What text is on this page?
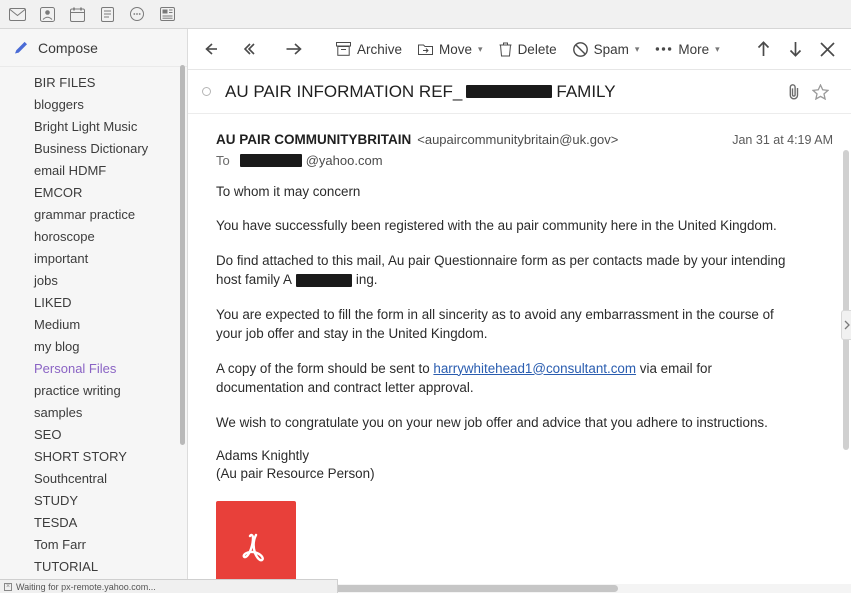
Compose
BIR FILES
bloggers
Bright Light Music
Business Dictionary
email HDMF
EMCOR
grammar practice
horoscope
important
jobs
LIKED
Medium
my blog
Personal Files
practice writing
samples
SEO
SHORT STORY
Southcentral
STUDY
TESDA
Tom Farr
TUTORIAL
Archive	Move ▾	Delete	Spam ▾	More ▾
AU PAIR INFORMATION REF_	FAMILY
AU PAIR COMMUNITYBRITAIN <aupaircommunitybritain@uk.gov>	Jan 31 at 4:19 AM
To	@yahoo.com

To whom it may concern

You have successfully been registered with the au pair community here in the United Kingdom.

Do find attached to this mail, Au pair Questionnaire form as per contacts made by your intending host family A	ing.

You are expected to fill the form in all sincerity as to avoid any embarrassment in the course of your job offer and stay in the United Kingdom.

A copy of the form should be sent to harrywhitehead1@consultant.com via email for documentation and contract letter approval.

We wish to congratulate you on your new job offer and advice that you adhere to instructions.

Adams Knightly
(Au pair Resource Person)
× Waiting for px-remote.yahoo.com...
